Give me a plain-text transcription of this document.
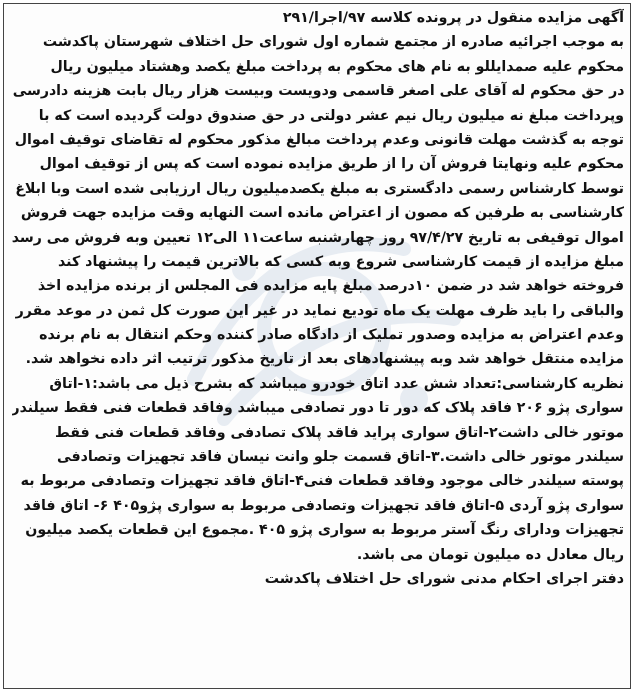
آگهی مزایده منقول در پرونده کلاسه ۹۷/اجرا/۲۹۱
به موجب اجرائیه صادره از مجتمع شماره اول شورای حل اختلاف شهرستان پاکدشت
محکوم علیه صمدایللو به نام های محکوم به پرداخت مبلغ یکصد وهشتاد میلیون ریال
در حق محکوم له آقای علی اصغر قاسمی ودویست وبیست هزار ریال بابت هزینه دادرسی
وپرداخت مبلغ نه میلیون ریال نیم عشر دولتی در حق صندوق دولت گردیده است که با
توجه به گذشت مهلت قانونی وعدم پرداخت مبالغ مذکور محکوم له تقاضای توقیف اموال
محکوم علیه ونهایتا فروش آن را از طریق مزایده نموده است که پس از توقیف اموال
توسط کارشناس رسمی دادگستری به مبلغ یکصدمیلیون ریال ارزیابی شده است وبا ابلاغ
کارشناسی به طرفین که مصون از اعتراض مانده است النهایه وقت مزایده جهت فروش
اموال توقیفی به تاریخ ۹۷/۴/۲۷ روز چهارشنبه ساعت۱۱ الی۱۲ تعیین وبه فروش می رسد
مبلغ مزایده از قیمت کارشناسی شروع وبه کسی که بالاترین قیمت را پیشنهاد کند
فروخته خواهد شد در ضمن ۱۰درصد مبلغ پایه مزایده فی المجلس از برنده مزایده اخذ
والباقی را باید ظرف مهلت یک ماه تودیع نماید در غیر این صورت کل ثمن در موعد مقرر
وعدم اعتراض به مزایده وصدور تملیک از دادگاه صادر کننده وحکم انتقال به نام برنده
مزایده منتقل خواهد شد وبه پیشنهادهای بعد از تاریخ مذکور ترتیب اثر داده نخواهد شد.
نظریه کارشناسی:تعداد شش عدد اتاق خودرو میباشد که بشرح ذیل می باشد:۱-اتاق
سواری پژو ۲۰۶ فاقد پلاک که دور تا دور تصادفی میباشد وفاقد قطعات فنی فقط سیلندر
موتور خالی داشت۲-اتاق سواری پراید فاقد پلاک تصادفی وفاقد قطعات فنی فقط
سیلندر موتور خالی داشت.۳-اتاق قسمت جلو وانت نیسان فاقد تجهیزات وتصادفی
پوسته سیلندر خالی موجود وفاقد قطعات فنی۴-اتاق فاقد تجهیزات وتصادفی مربوط به
سواری پژو آردی ۵-اتاق فاقد تجهیزات وتصادفی مربوط به سواری پژو۴۰۵ ۶- اتاق فاقد
تجهیزات ودارای رنگ آستر مربوط به سواری پژو ۴۰۵ .مجموع این قطعات یکصد میلیون
ریال معادل ده میلیون تومان می باشد.
دفتر اجرای احکام مدنی شورای حل اختلاف پاکدشت
